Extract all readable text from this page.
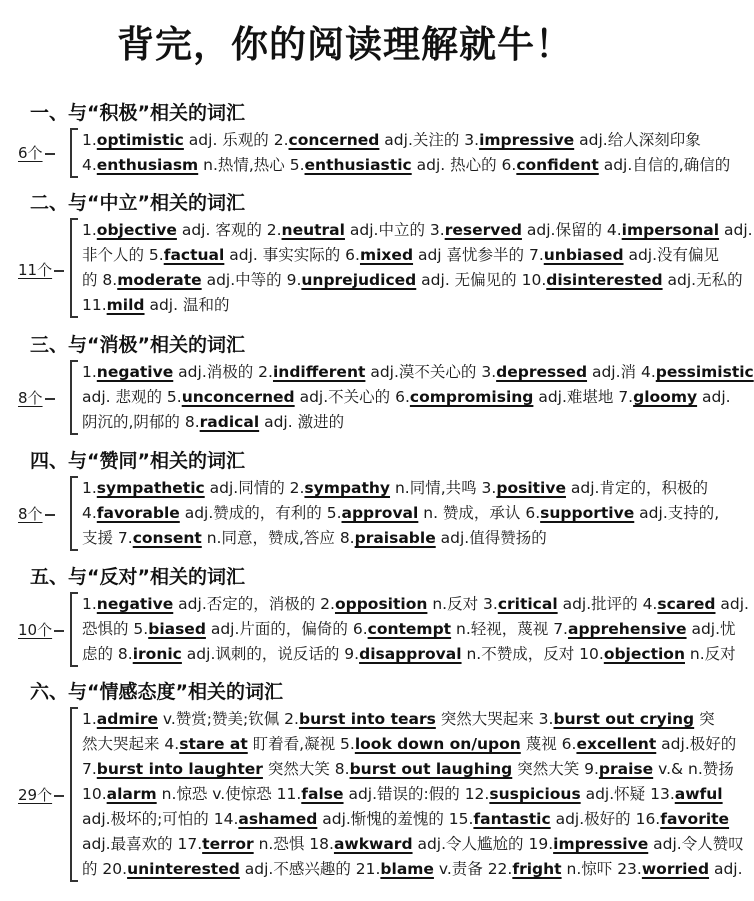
背完，你的阅读理解就牛！
一、与“积极”相关的词汇
6个
1.optimistic adj. 乐观的 2.concerned adj.关注的 3.impressive adj.给人深刻印象
4.enthusiasm n.热情,热心 5.enthusiastic adj. 热心的 6.confident adj.自信的,确信的
二、与“中立”相关的词汇
11个
1.objective adj. 客观的 2.neutral adj.中立的 3.reserved adj.保留的 4.impersonal adj.
非个人的 5.factual adj. 事实实际的 6.mixed adj 喜忧参半的 7.unbiased adj.没有偏见
的 8.moderate adj.中等的 9.unprejudiced adj. 无偏见的 10.disinterested adj.无私的
11.mild adj. 温和的
三、与“消极”相关的词汇
8个
1.negative adj.消极的 2.indifferent adj.漠不关心的 3.depressed adj.消 4.pessimistic
adj. 悲观的 5.unconcerned adj.不关心的 6.compromising adj.难堪地 7.gloomy adj.
阴沉的,阴郁的 8.radical adj. 激进的
四、与“赞同”相关的词汇
8个
1.sympathetic adj.同情的 2.sympathy n.同情,共鸣 3.positive adj.肯定的，积极的
4.favorable adj.赞成的，有利的 5.approval n. 赞成，承认 6.supportive adj.支持的,
支援 7.consent n.同意，赞成,答应 8.praisable adj.值得赞扬的
五、与“反对”相关的词汇
10个
1.negative adj.否定的，消极的 2.opposition n.反对 3.critical adj.批评的 4.scared adj.
恐惧的 5.biased adj.片面的，偏倚的 6.contempt n.轻视，蔑视 7.apprehensive adj.忧
虑的 8.ironic adj.讽刺的，说反话的 9.disapproval n.不赞成，反对 10.objection n.反对
六、与“情感态度”相关的词汇
29个
1.admire v.赞赏;赞美;钦佩 2.burst into tears 突然大哭起来 3.burst out crying 突
然大哭起来 4.stare at 盯着看,凝视 5.look down on/upon 蔑视 6.excellent adj.极好的
7.burst into laughter 突然大笑 8.burst out laughing 突然大笑 9.praise v.& n.赞扬
10.alarm n.惊恐 v.使惊恐 11.false adj.错误的:假的 12.suspicious adj.怀疑 13.awful
adj.极坏的;可怕的 14.ashamed adj.惭愧的羞愧的 15.fantastic adj.极好的 16.favorite
adj.最喜欢的 17.terror n.恐惧 18.awkward adj.令人尴尬的 19.impressive adj.令人赞叹
的 20.uninterested adj.不感兴趣的 21.blame v.责备 22.fright n.惊吓 23.worried adj.
